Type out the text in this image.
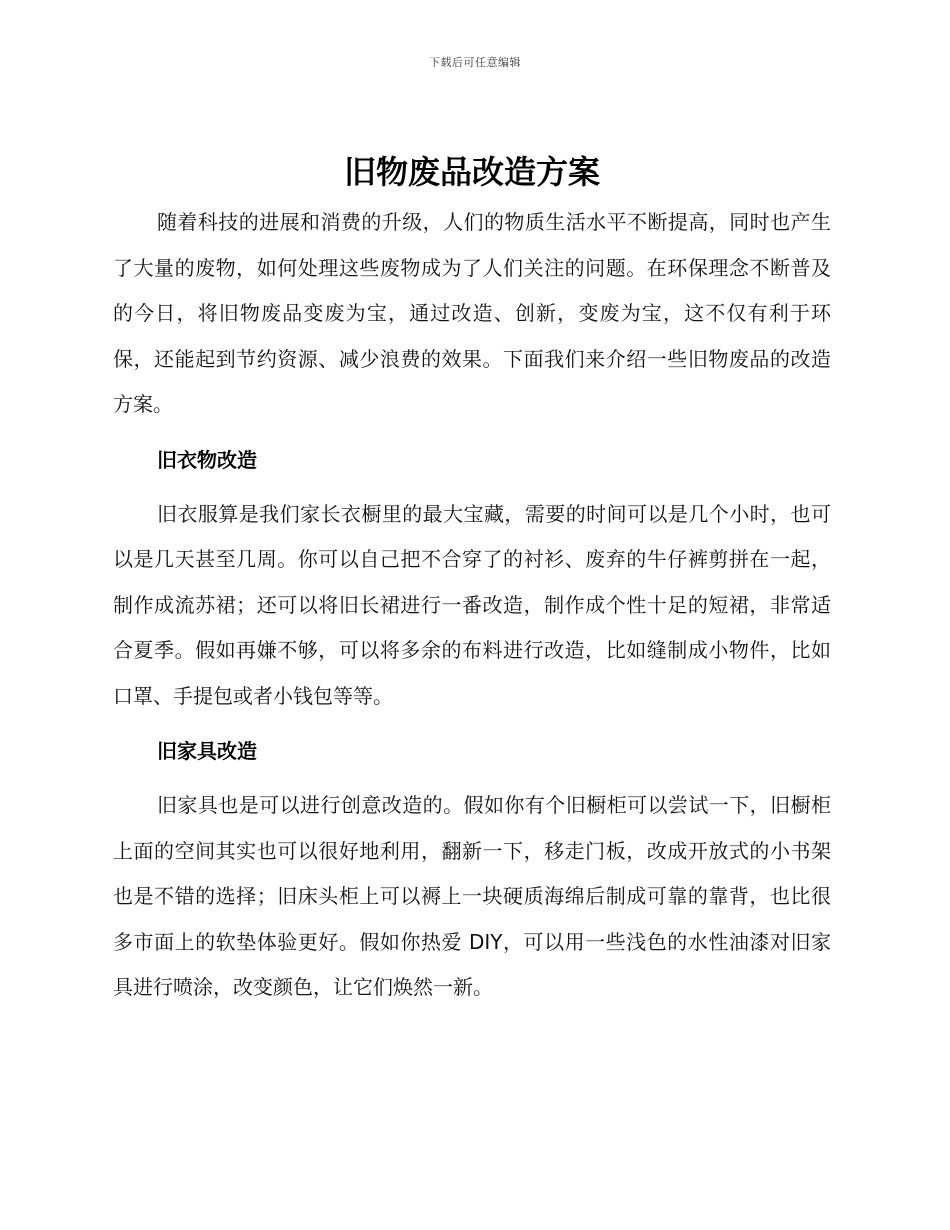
下载后可任意编辑
旧物废品改造方案

随着科技的进展和消费的升级，人们的物质生活水平不断提高，同时也产生了大量的废物，如何处理这些废物成为了人们关注的问题。在环保理念不断普及的今日，将旧物废品变废为宝，通过改造、创新，变废为宝，这不仅有利于环保，还能起到节约资源、减少浪费的效果。下面我们来介绍一些旧物废品的改造方案。

旧衣物改造

旧衣服算是我们家长衣橱里的最大宝藏，需要的时间可以是几个小时，也可以是几天甚至几周。你可以自己把不合穿了的衬衫、废弃的牛仔裤剪拼在一起，制作成流苏裙；还可以将旧长裙进行一番改造，制作成个性十足的短裙，非常适合夏季。假如再嫌不够，可以将多余的布料进行改造，比如缝制成小物件，比如口罩、手提包或者小钱包等等。

旧家具改造

旧家具也是可以进行创意改造的。假如你有个旧橱柜可以尝试一下，旧橱柜上面的空间其实也可以很好地利用，翻新一下，移走门板，改成开放式的小书架也是不错的选择；旧床头柜上可以褥上一块硬质海绵后制成可靠的靠背，也比很多市面上的软垫体验更好。假如你热爱 DIY，可以用一些浅色的水性油漆对旧家具进行喷涂，改变颜色，让它们焕然一新。
